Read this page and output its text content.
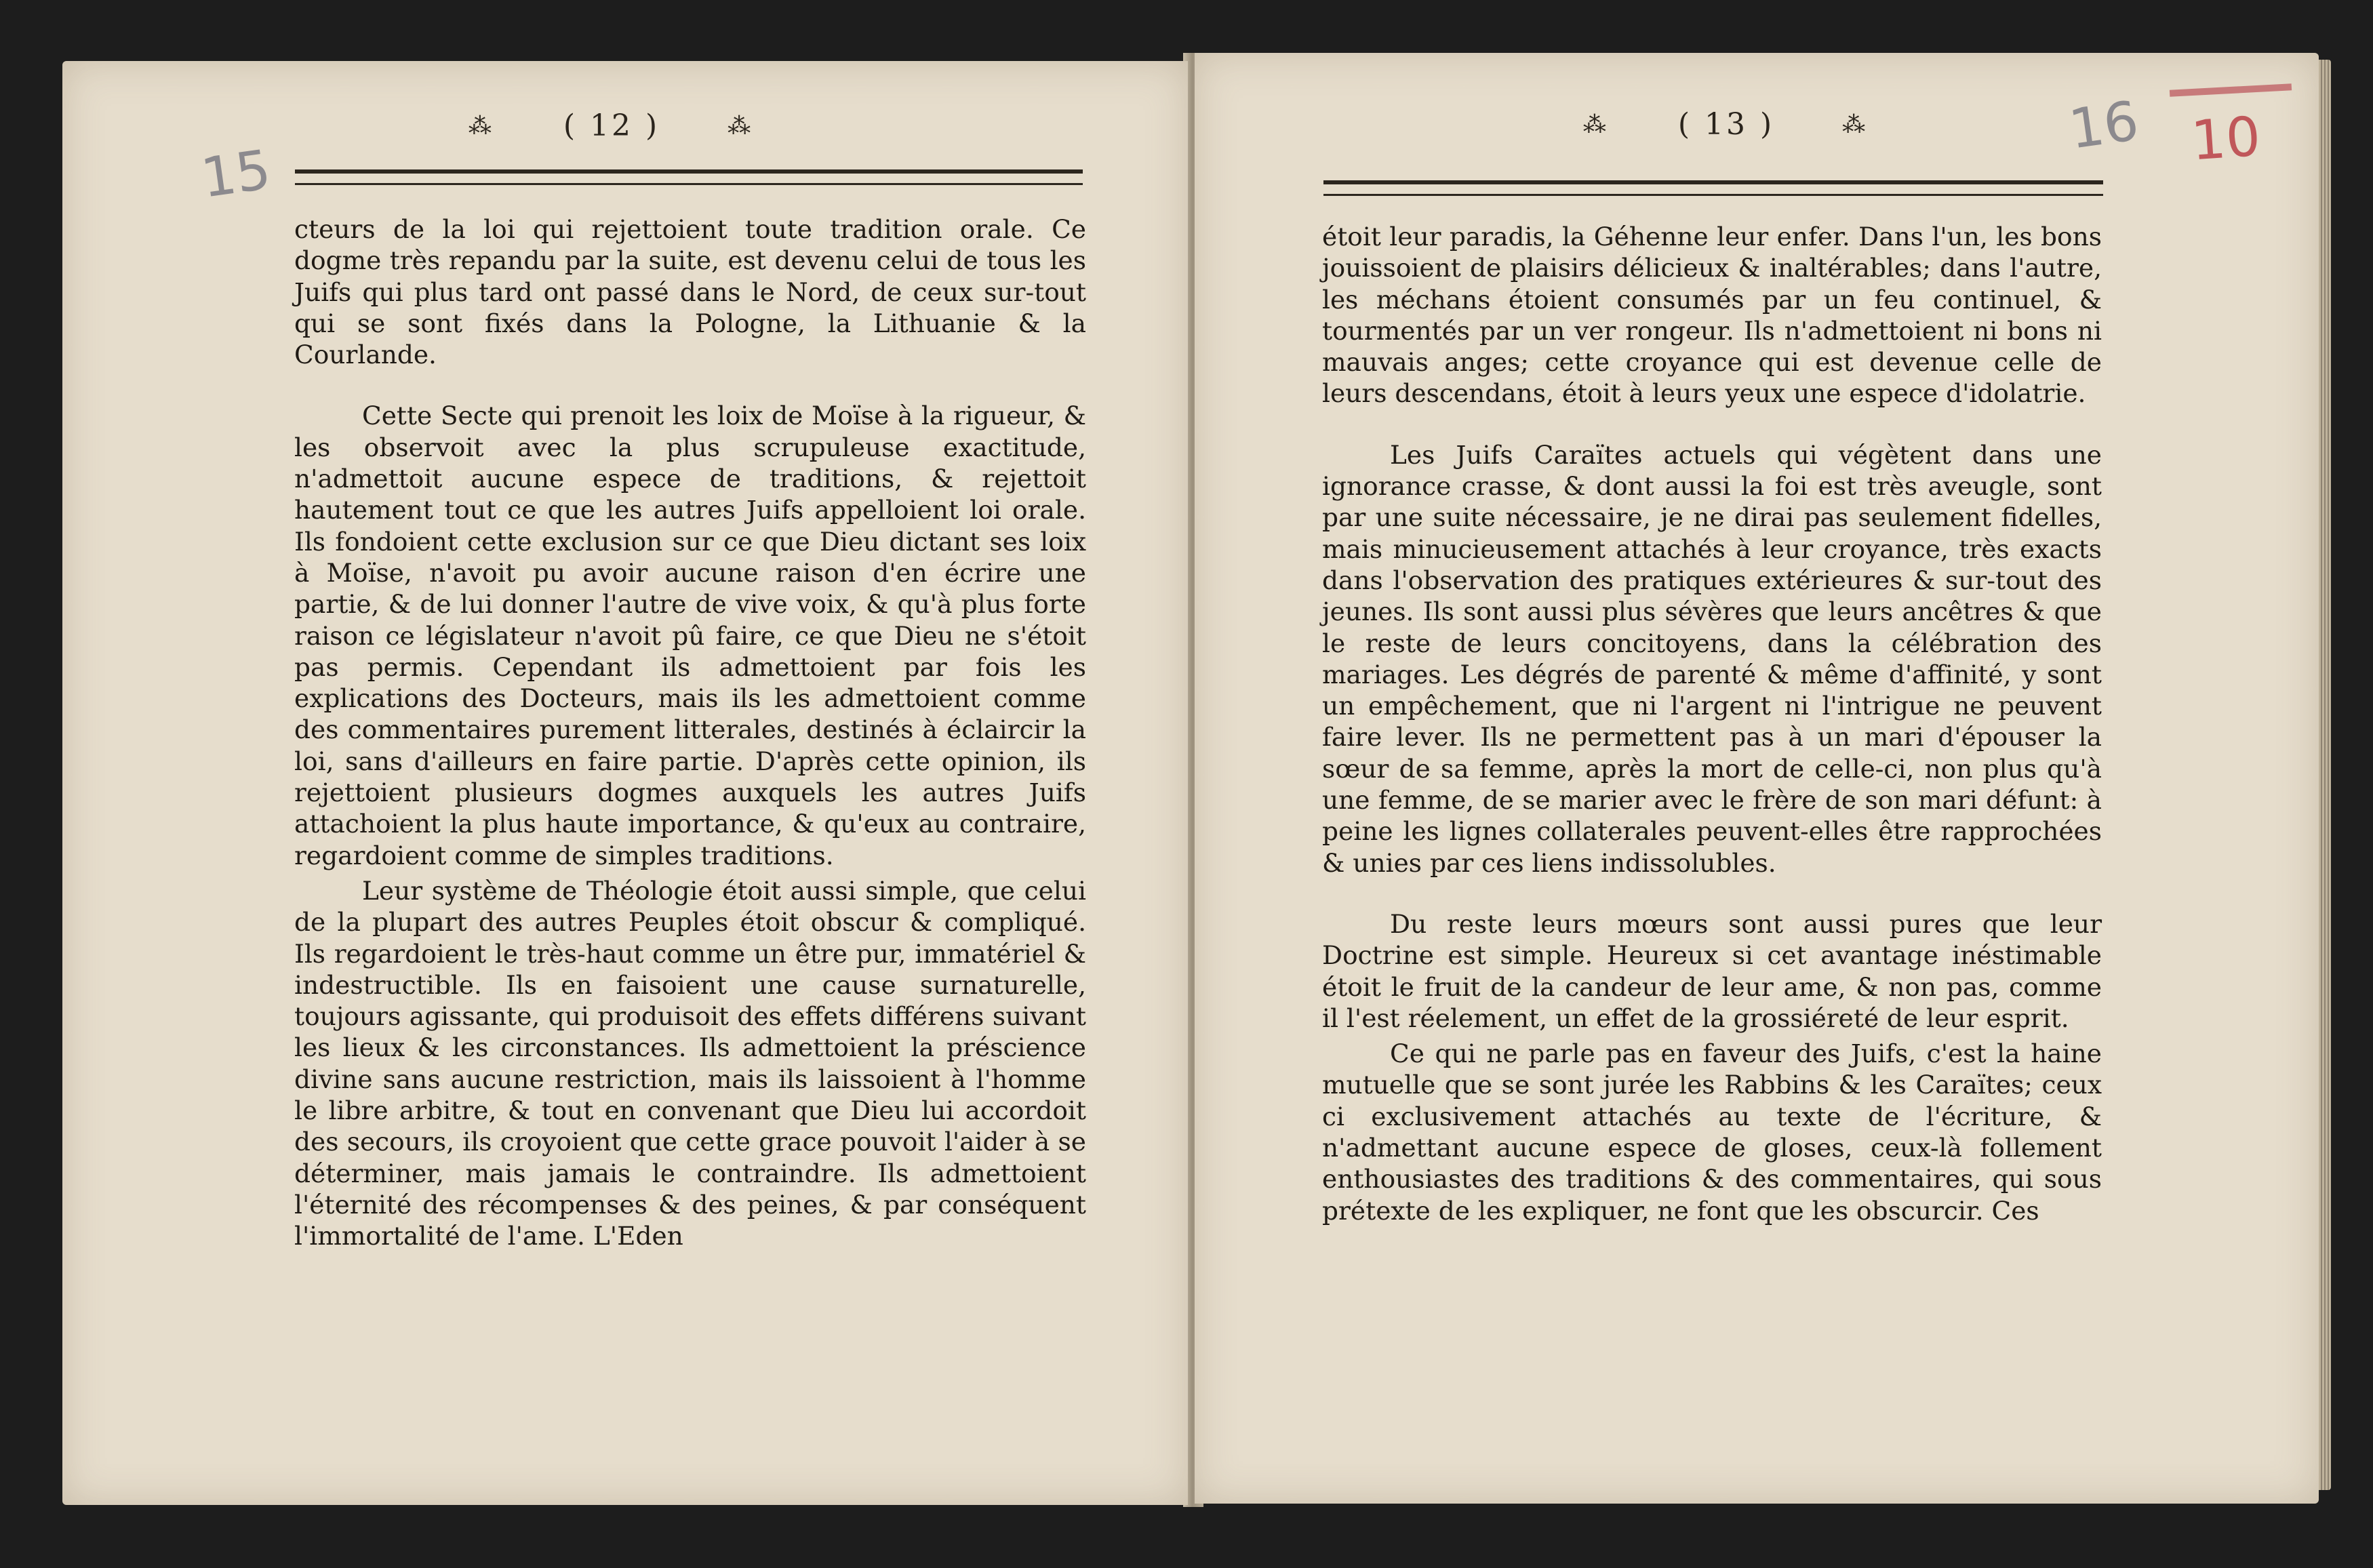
15
⁂ ( 12 )	⁂

cteurs de la loi qui rejettoient toute tradition orale. Ce dogme très repandu par la suite, est devenu celui de tous les Juifs qui plus tard ont passé dans le Nord, de ceux sur-tout qui se sont fixés dans la Pologne, la Lithuanie & la Courlande.

Cette Secte qui prenoit les loix de Moïse à la rigueur, & les observoit avec la plus scrupuleuse exactitude, n'admettoit aucune espece de traditions, & rejettoit hautement tout ce que les autres Juifs appelloient loi orale. Ils fondoient cette exclusion sur ce que Dieu dictant ses loix à Moïse, n'avoit pu avoir aucune raison d'en écrire une partie, & de lui donner l'autre de vive voix, & qu'à plus forte raison ce législateur n'avoit pû faire, ce que Dieu ne s'étoit pas permis. Cependant ils admettoient par fois les explications des Docteurs, mais ils les admettoient comme des commentaires purement litterales, destinés à éclaircir la loi, sans d'ailleurs en faire partie. D'après cette opinion, ils rejettoient plusieurs dogmes auxquels les autres Juifs attachoient la plus haute importance, & qu'eux au contraire, regardoient comme de simples traditions.

Leur système de Théologie étoit aussi simple, que celui de la plupart des autres Peuples étoit obscur & compliqué. Ils regardoient le très-haut comme un être pur, immatériel & indestructible. Ils en faisoient une cause surnaturelle, toujours agissante, qui produisoit des effets différens suivant les lieux & les circonstances. Ils admettoient la préscience divine sans aucune restriction, mais ils laissoient à l'homme le libre arbitre, & tout en convenant que Dieu lui accordoit des secours, ils croyoient que cette grace pouvoit l'aider à se déterminer, mais jamais le contraindre. Ils admettoient l'éternité des récompenses & des peines, & par conséquent l'immortalité de l'ame. L'Eden

16 10
⁂ ( 13 )	⁂

étoit leur paradis, la Géhenne leur enfer. Dans l'un, les bons jouissoient de plaisirs délicieux & inaltérables; dans l'autre, les méchans étoient consumés par un feu continuel, & tourmentés par un ver rongeur. Ils n'admettoient ni bons ni mauvais anges; cette croyance qui est devenue celle de leurs descendans, étoit à leurs yeux une espece d'idolatrie.

Les Juifs Caraïtes actuels qui végètent dans une ignorance crasse, & dont aussi la foi est très aveugle, sont par une suite nécessaire, je ne dirai pas seulement fidelles, mais minucieusement attachés à leur croyance, très exacts dans l'observation des pratiques extérieures & sur-tout des jeunes. Ils sont aussi plus sévères que leurs ancêtres & que le reste de leurs concitoyens, dans la célébration des mariages. Les dégrés de parenté & même d'affinité, y sont un empêchement, que ni l'argent ni l'intrigue ne peuvent faire lever. Ils ne permettent pas à un mari d'épouser la sœur de sa femme, après la mort de celle-ci, non plus qu'à une femme, de se marier avec le frère de son mari défunt: à peine les lignes collaterales peuvent-elles être rapprochées & unies par ces liens indissolubles.

Du reste leurs mœurs sont aussi pures que leur Doctrine est simple. Heureux si cet avantage inéstimable étoit le fruit de la candeur de leur ame, & non pas, comme il l'est réelement, un effet de la grossiéreté de leur esprit.

Ce qui ne parle pas en faveur des Juifs, c'est la haine mutuelle que se sont jurée les Rabbins & les Caraïtes; ceux ci exclusivement attachés au texte de l'écriture, & n'admettant aucune espece de gloses, ceux-là follement enthousiastes des traditions & des commentaires, qui sous prétexte de les expliquer, ne font que les obscurcir. Ces
